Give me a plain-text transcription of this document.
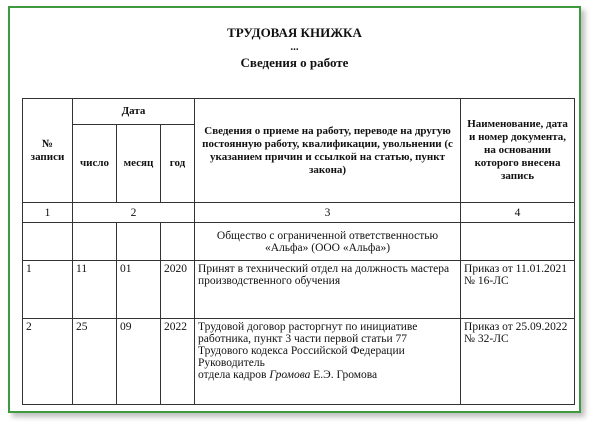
ТРУДОВАЯ КНИЖКА
...
Сведения о работе
№ записи	Дата			Сведения о приеме на работу, переводе на другую постоянную работу, квалификации, увольнении (с указанием причин и ссылкой на статью, пункт закона)	Наименование, дата и номер документа, на основании которого внесена запись
	число	месяц	год		
1	2			3	4
				Общество с ограниченной ответственностью «Альфа» (ООО «Альфа»)	
1	11	01	2020	Принят в технический отдел на должность мастера производственного обучения	Приказ от 11.01.2021 № 16-ЛС
2	25	09	2022	Трудовой договор расторгнут по инициативе работника, пункт 3 части первой статьи 77 Трудового кодекса Российской Федерации
Руководитель
отдела кадров Громова Е.Э. Громова	Приказ от 25.09.2022 № 32-ЛС
